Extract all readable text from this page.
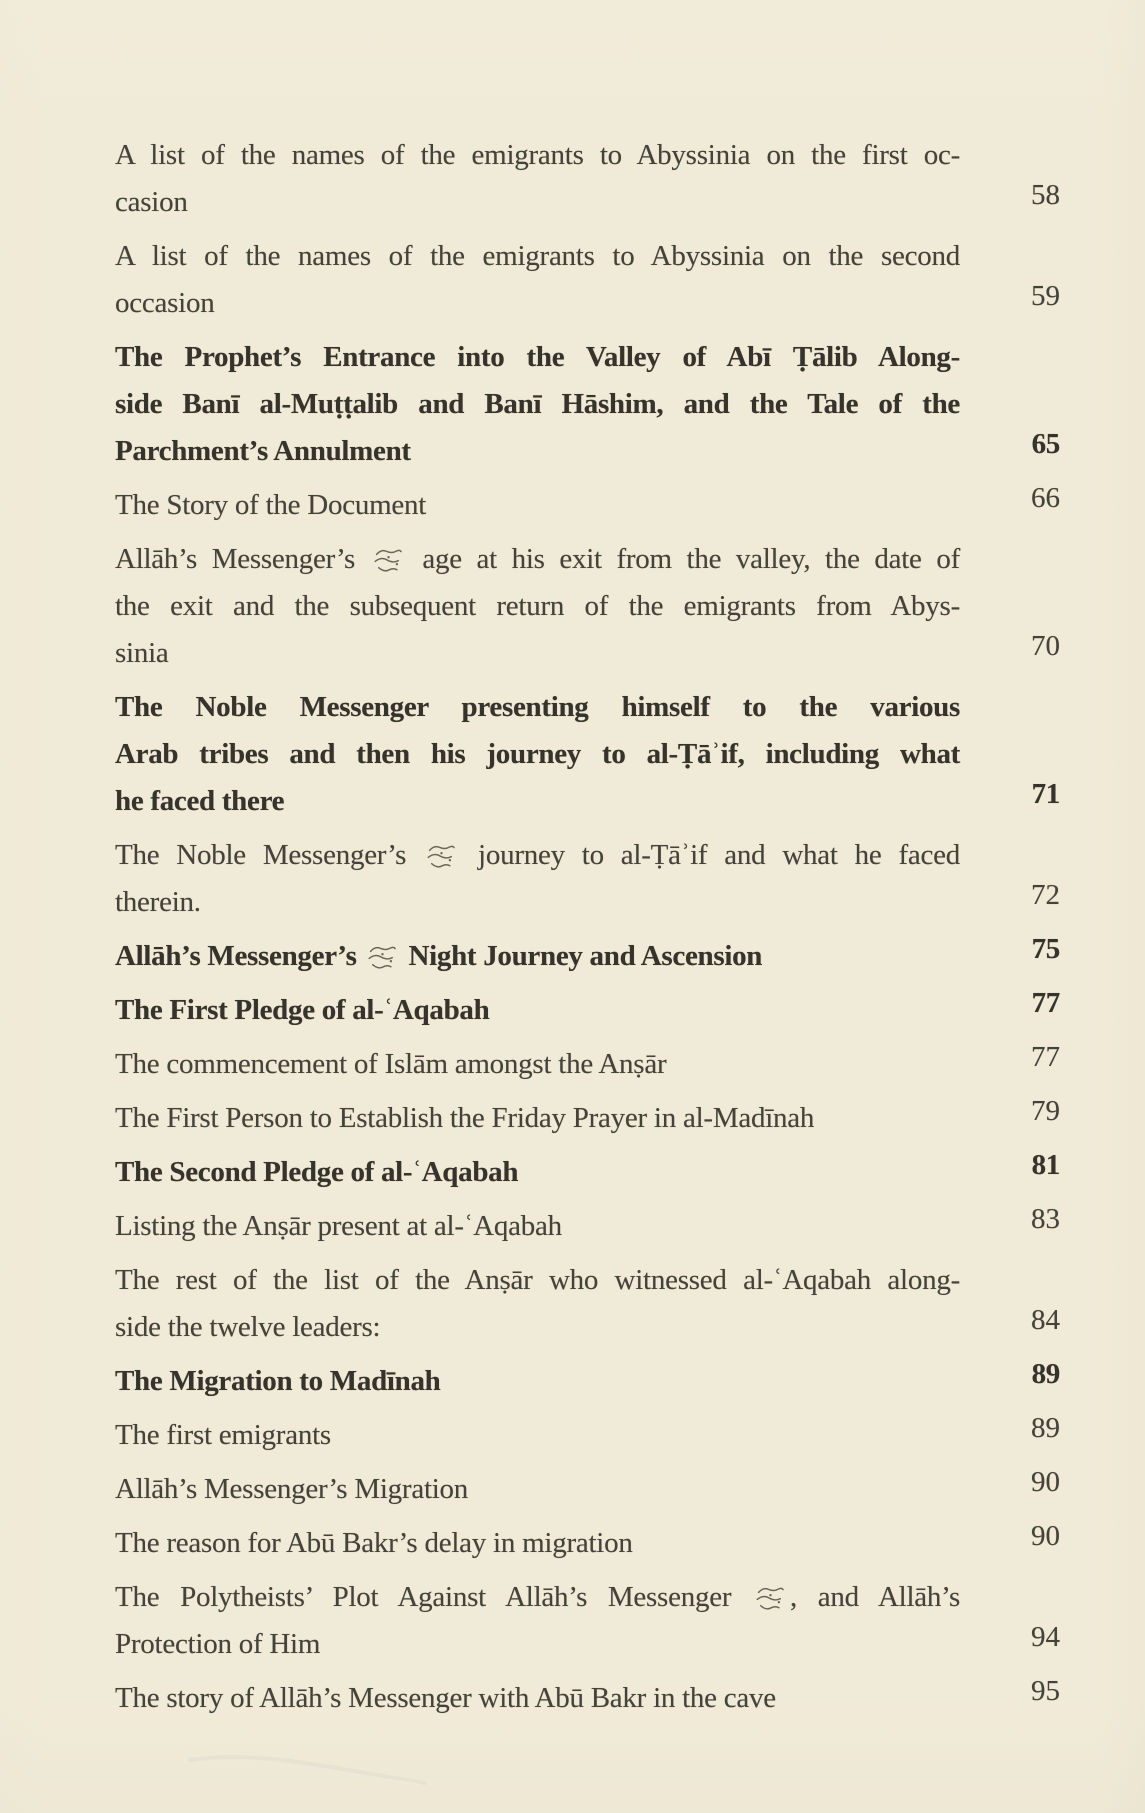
A list of the names of the emigrants to Abyssinia on the first oc-
casion	58
A list of the names of the emigrants to Abyssinia on the second
occasion	59
The Prophet’s Entrance into the Valley of Abī Ṭālib Along-
side Banī al-Muṭṭalib and Banī Hāshim, and the Tale of the
Parchment’s Annulment	65
The Story of the Document	66
Allāh’s Messenger’s  age at his exit from the valley, the date of
the exit and the subsequent return of the emigrants from Abys-
sinia	70
The Noble Messenger presenting himself to the various
Arab tribes and then his journey to al-Ṭāʾif, including what
he faced there	71
The Noble Messenger’s  journey to al-Ṭāʾif and what he faced
therein.	72
Allāh’s Messenger’s  Night Journey and Ascension	75
The First Pledge of al-ʿAqabah	77
The commencement of Islām amongst the Anṣār	77
The First Person to Establish the Friday Prayer in al-Madīnah	79
The Second Pledge of al-ʿAqabah	81
Listing the Anṣār present at al-ʿAqabah	83
The rest of the list of the Anṣār who witnessed al-ʿAqabah along-
side the twelve leaders:	84
The Migration to Madīnah	89
The first emigrants	89
Allāh’s Messenger’s Migration	90
The reason for Abū Bakr’s delay in migration	90
The Polytheists’ Plot Against Allāh’s Messenger , and Allāh’s
Protection of Him	94
The story of Allāh’s Messenger with Abū Bakr in the cave	95
